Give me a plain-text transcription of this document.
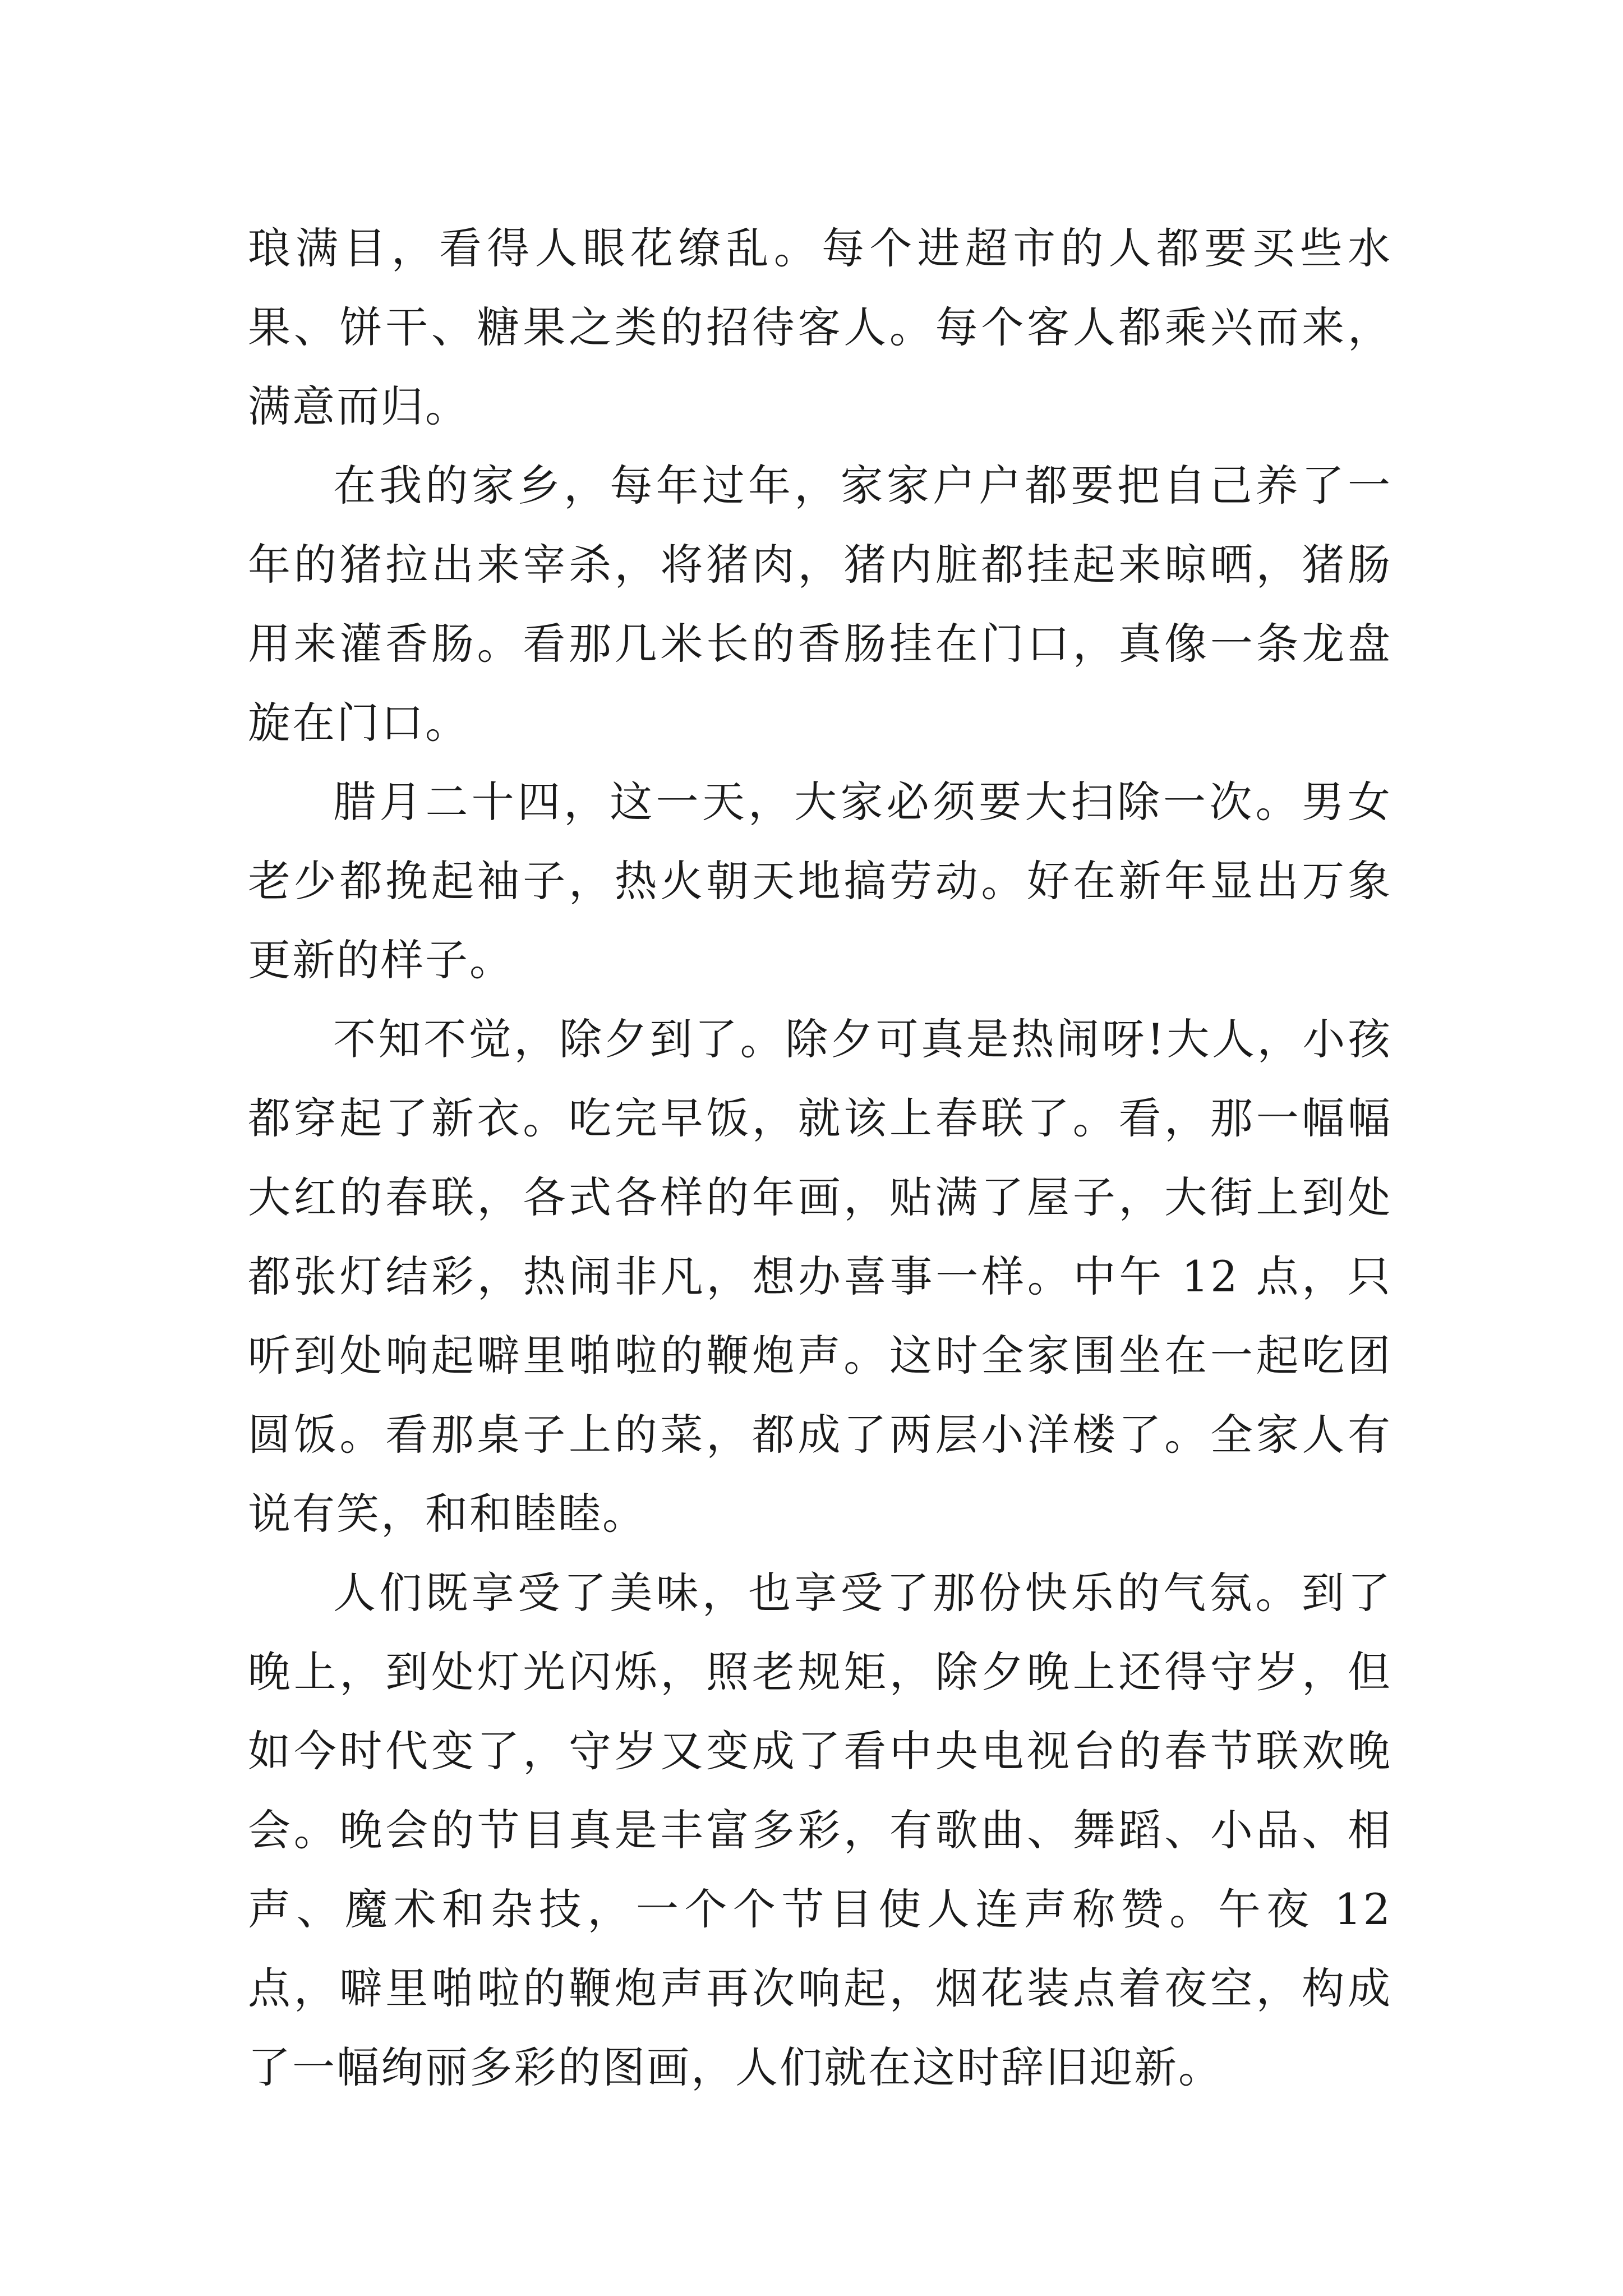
琅满目，看得人眼花缭乱。每个进超市的人都要买些水果、饼干、糖果之类的招待客人。每个客人都乘兴而来，满意而归。

在我的家乡，每年过年，家家户户都要把自己养了一年的猪拉出来宰杀，将猪肉，猪内脏都挂起来晾晒，猪肠用来灌香肠。看那几米长的香肠挂在门口，真像一条龙盘旋在门口。

腊月二十四，这一天，大家必须要大扫除一次。男女老少都挽起袖子，热火朝天地搞劳动。好在新年显出万象更新的样子。

不知不觉，除夕到了。除夕可真是热闹呀!大人，小孩都穿起了新衣。吃完早饭，就该上春联了。看，那一幅幅大红的春联，各式各样的年画，贴满了屋子，大街上到处都张灯结彩，热闹非凡，想办喜事一样。中午 12 点，只听到处响起噼里啪啦的鞭炮声。这时全家围坐在一起吃团圆饭。看那桌子上的菜，都成了两层小洋楼了。全家人有说有笑，和和睦睦。

人们既享受了美味，也享受了那份快乐的气氛。到了晚上，到处灯光闪烁，照老规矩，除夕晚上还得守岁，但如今时代变了，守岁又变成了看中央电视台的春节联欢晚会。晚会的节目真是丰富多彩，有歌曲、舞蹈、小品、相声、魔术和杂技，一个个节目使人连声称赞。午夜 12 点，噼里啪啦的鞭炮声再次响起，烟花装点着夜空，构成了一幅绚丽多彩的图画，人们就在这时辞旧迎新。
